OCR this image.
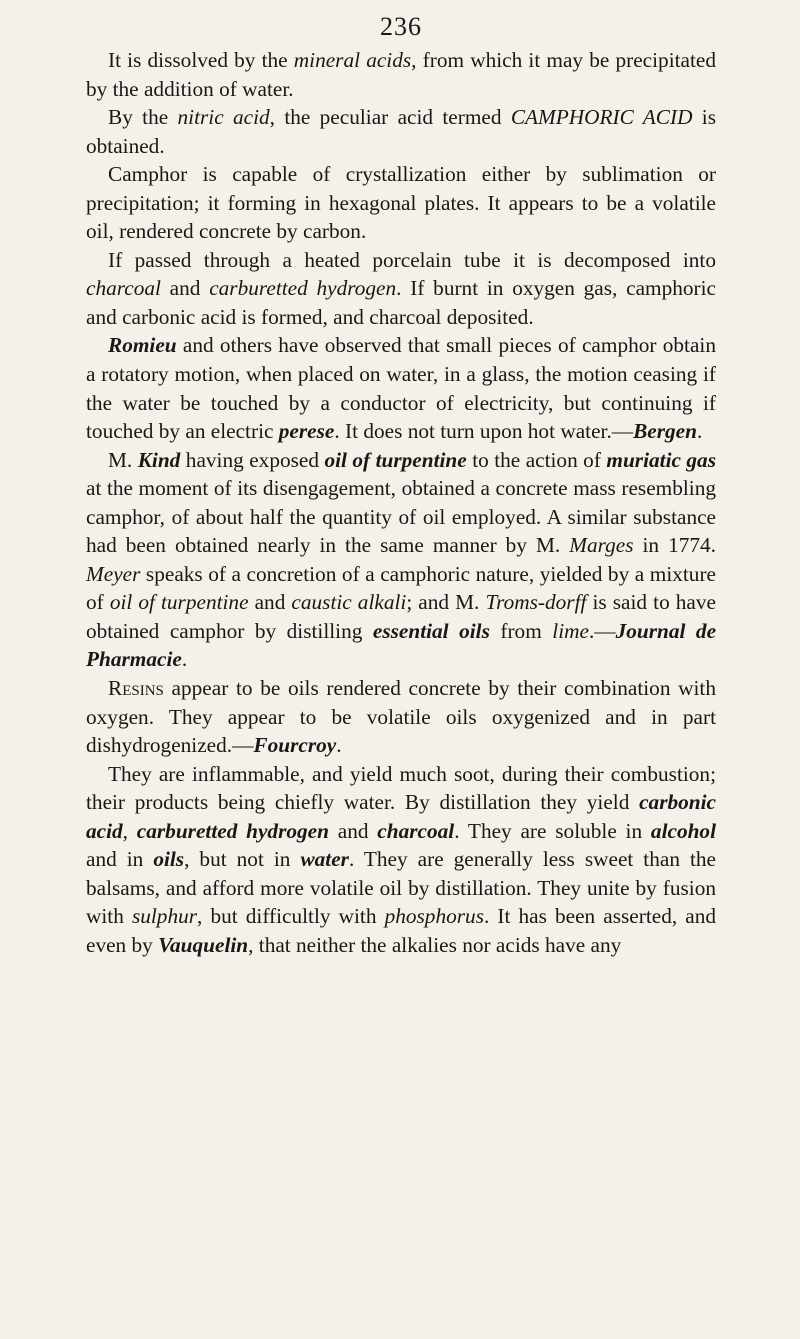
236

It is dissolved by the mineral acids, from which it may be precipitated by the addition of water.

By the nitric acid, the peculiar acid termed CAMPHORIC ACID is obtained.

Camphor is capable of crystallization either by sublimation or precipitation; it forming in hexagonal plates. It appears to be a volatile oil, rendered concrete by carbon.

If passed through a heated porcelain tube it is decomposed into charcoal and carburetted hydrogen. If burnt in oxygen gas, camphoric and carbonic acid is formed, and charcoal deposited.

Romieu and others have observed that small pieces of camphor obtain a rotatory motion, when placed on water, in a glass, the motion ceasing if the water be touched by a conductor of electricity, but continuing if touched by an electric perese. It does not turn upon hot water.—Bergen.

M. Kind having exposed oil of turpentine to the action of muriatic gas at the moment of its disengagement, obtained a concrete mass resembling camphor, of about half the quantity of oil employed. A similar substance had been obtained nearly in the same manner by M. Marges in 1774. Meyer speaks of a concretion of a camphoric nature, yielded by a mixture of oil of turpentine and caustic alkali; and M. Troms-dorff is said to have obtained camphor by distilling essential oils from lime.—Journal de Pharmacie.

Resins appear to be oils rendered concrete by their combination with oxygen. They appear to be volatile oils oxygenized and in part dishydrogenized.—Fourcroy.

They are inflammable, and yield much soot, during their combustion; their products being chiefly water. By distillation they yield carbonic acid, carburetted hydrogen and charcoal. They are soluble in alcohol and in oils, but not in water. They are generally less sweet than the balsams, and afford more volatile oil by distillation. They unite by fusion with sulphur, but difficultly with phosphorus. It has been asserted, and even by Vauquelin, that neither the alkalies nor acids have any
